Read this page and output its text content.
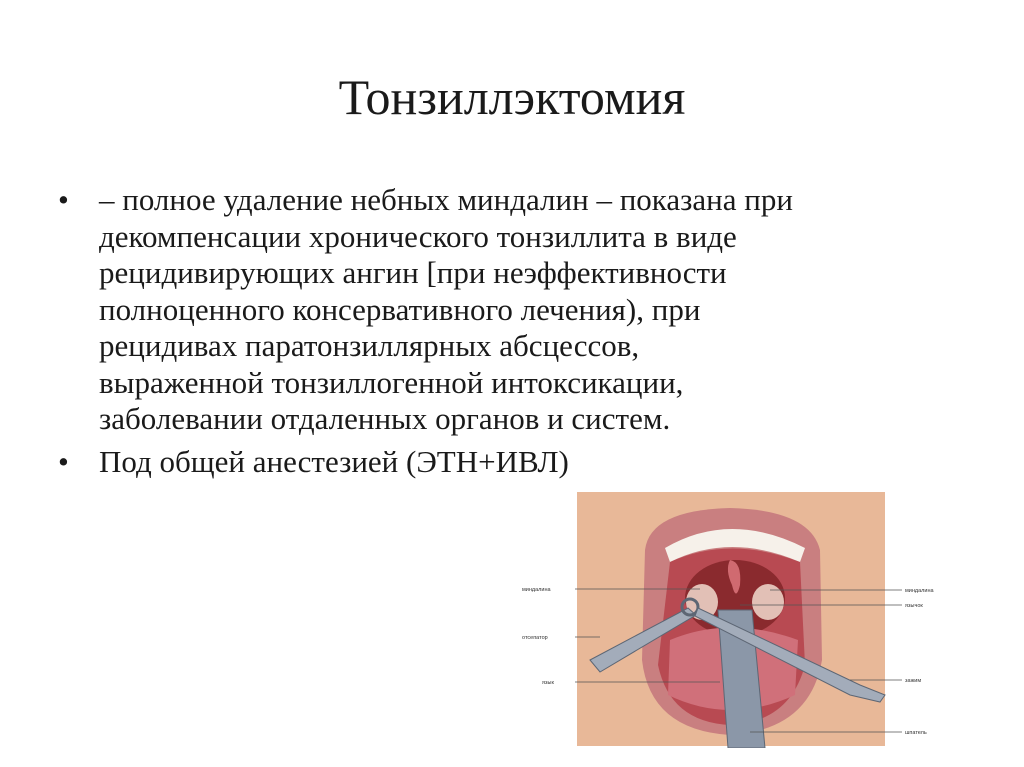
Тонзиллэктомия
• – полное удаление небных миндалин – показана при
декомпенсации хронического тонзиллита в виде
рецидивирующих ангин [при неэффективности
полноценного консервативного лечения), при
рецидивах паратонзиллярных абсцессов,
выраженной тонзиллогенной интоксикации,
заболевании отдаленных органов и систем.
• Под общей анестезией (ЭТН+ИВЛ)
миндалина
отсепатор
язык
миндалина
язычок
зажим
шпатель
